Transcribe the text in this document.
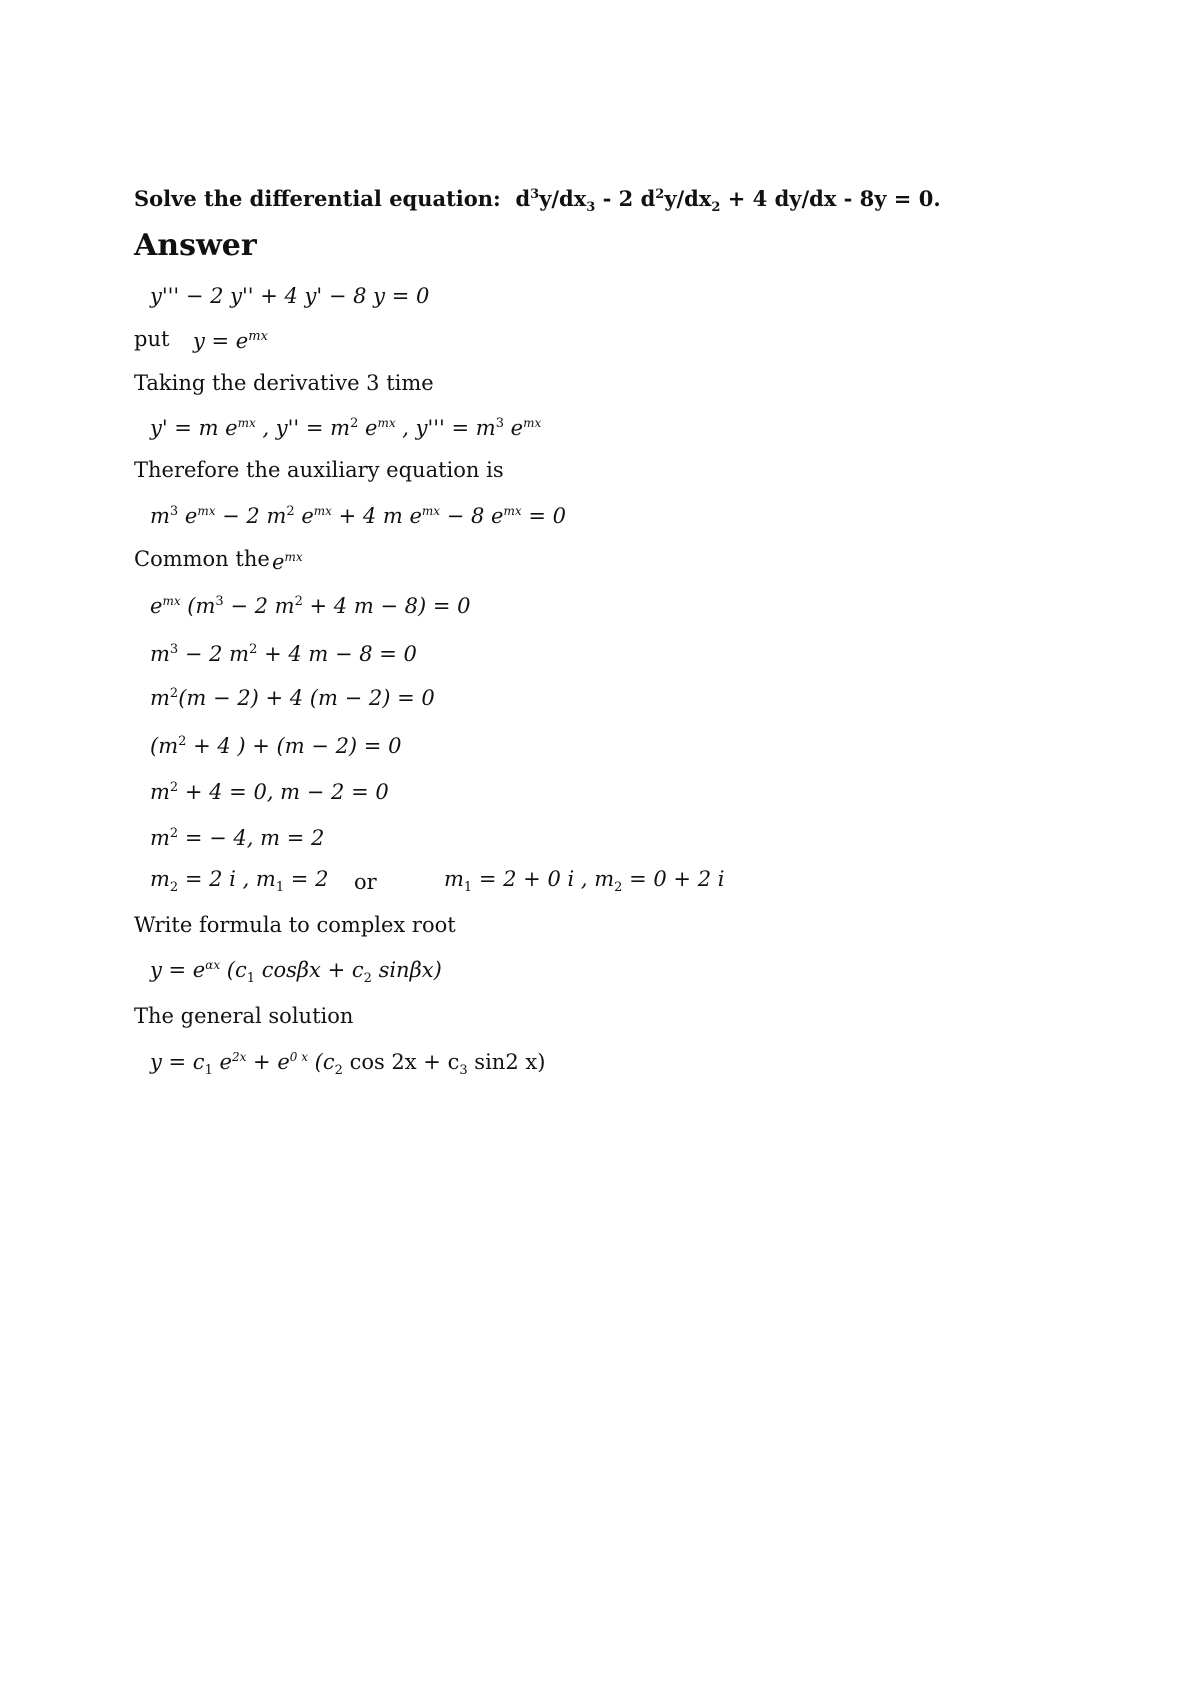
Solve the differential equation: $d^3y/dx_3 - 2$ $d^2y/dx_2 + 4$ dy/dx - 8y = 0.
Answer
y''' − 2 y'' + 4 y' − 8 y = 0
put $y = e^{mx}$
Taking the derivative 3 time
y' = m $e^{mx}$ , $y'' = m^2$ $e^{mx}$ , $y''' = m^3$ $e^{mx}$
Therefore the auxiliary equation is
$m^3$ $e^{mx} - 2$ $m^2$ $e^{mx} + 4$ m $e^{mx} - 8$ $e^{mx} = 0$
Common the $e^{mx}$
$e^{mx}$ ($m^3 - 2$ $m^2 + 4$ m − 8) = 0
$m^3 - 2$ $m^2 + 4$ m − 8 = 0
$m^2(m - 2) + 4$ (m − 2) = 0
($m^2 + 4$ ) + (m − 2) = 0
$m^2 + 4 = 0$, m − 2 = 0
$m^2$ = − 4, m = 2
$m_2 = 2$ i , $m_1 = 2$ or	$m_1 = 2 + 0$ i , $m_2 = 0 + 2$ i
Write formula to complex root
$y = e^{\alpha x}$ ($c_1$ $\cos\beta x + c_2$ sinβx)
The general solution
$y = c_1$ $e^{2x} + e^{0 x}$ ($c_2$ $\cos 2x + c_3$ sin2 x)
